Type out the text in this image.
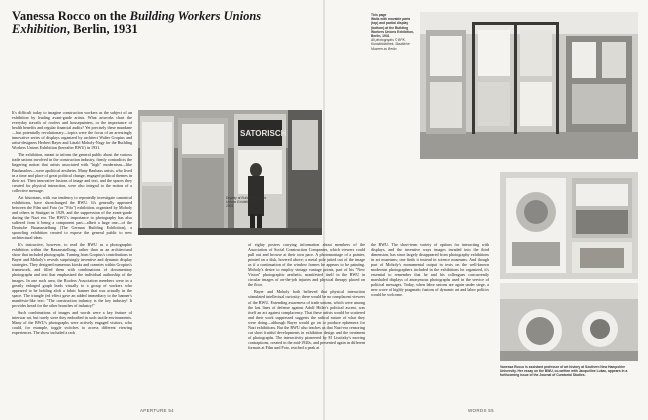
Vanessa Rocco on the Building Workers Unions Exhibition, Berlin, 1931

It's difficult today to imagine construction workers as the subject of an exhibition by leading avant-garde artists. What artworks chart the everyday travails of roofers and housepainters, or the importance of health benefits and regular financial audits? Yet precisely these mundane—but potentially revolutionary—topics were the focus of an arrestingly innovative series of displays organized by architect Walter Gropius and artist-designers Herbert Bayer and László Moholy-Nagy for the Building Workers Unions Exhibition (hereafter BWU) in 1931.

The exhibition, meant to inform the general public about the various trade unions involved in the construction industry, firmly contradicts the lingering notion that artists associated with "high" modernism—like Bauhauslers—were apolitical aesthetes. Many Bauhaus artists, who lived in a time and place of great political change, engaged political themes in their art. Their innovative fusions of image and text, and the spaces they created for physical interaction, were also integral to the notion of a collective message.

Art historians, with our tendency to repeatedly investigate canonical exhibitions, have shortchanged the BWU. It's generally appeared between the Film und Foto (or "Fifo") exhibition, organized by Moholy and others in Stuttgart in 1929, and the suppression of the avant-garde during the Nazi era. The BWU's importance to photography has also suffered from it being a component part—albeit a large one—of the Deutsche Bauausstellung (The German Building Exhibition), a sprawling exhibition created to expose the general public to new architectural ideas.

It's instructive, however, to read the BWU as a photographic exhibition within the Bauausstellung, rather than as an architectural show that included photographs. Turning from Gropius's contributions to Bayer and Moholy's reveals surprisingly inventive and dynamic display strategies. They designed numerous kiosks and crannies within Gropius's framework, and filled them with combinations of documentary photographs and text that emphasized the individual authorship of the images. In one such area, the Roofers Association members were in a greatly enlarged graph leads visually to a group of workers who appeared to be holding aloft a fabric banner that was actually in the space. The triangle (ed effect gave an added immediacy to the banner's manifesto-like text: "The construction industry is the key industry! It provides bread for the other branches of industry!"

Such combinations of images and words were a key feature of interwar art, but rarely were they embodied in such tactile environments. Many of the BWU's photographs were actively engaged visitors, who could, for example, toggle switches to access different viewing experiences. The show included a rack

SATORISCH
Display at Building Workers Unions Exhibition, Berlin, 1931
This page
Walls with movable parts (top) and partial display (bottom) at the Building Workers Unions Exhibition, Berlin, 1931
All photographs © BPK, Kunstbibliothek, Staatliche Museen zu Berlin
Vanessa Rocco is assistant professor of art history at Southern New Hampshire University. Her essay on the BWU, co-written with Jacqueline Lukac, appears in a forthcoming issue of the Journal of Curatorial Studies.

of eighty posters carrying information about members of the Association of Social Construction Companies, which viewers could pull out and browse at their own pace. A photomontage of a painter, printed on a disk, hovered above; a metal pole jutted out of the image as if a continuation of the window frames he appears to be painting. Moholy's desire to employ vintage vantage points, part of his "New Vision" photographic aesthetic, manifested itself in the BWU in circular images of on-the-job injuries and physical therapy placed on the floor.

Bayer and Moholy both believed that physical interaction stimulated intellectual curiosity; there would be no complacent viewers of the BWU. Extending awareness of trade unions, which were among the last lines of defense against Adolf Hitler's political ascent, was itself an act against complacency. That these artists would be scattered and their work suppressed suggests the radical nature of what they were doing—although Bayer would go on to produce ephemera for Nazi exhibitions. But the BWU also teaches us that Nazi-era censoring cut short fruitful developments in exhibition design and the treatment of photographs. The interactivity pioneered by El Lissitzky's moving contraptions, created in the mid-1920s, and presented again in different formats at Film und Foto, reached a peak at

the BWU. The short-term variety of options for interacting with displays, and the inventive ways images invaded into the third dimension, has since largely disappeared from photography exhibitions in art museums; one finds it instead in science museums. And though part of Moholy's monumental output in texts on the well-known modernist photographers included in the exhibitions he organized, it's essential to remember that he and his colleagues concurrently marshaled displays of anonymous photographs used in the service of political messages. Today, when labor unions are again under siege, a new wave of highly pragmatic fusions of dynamic art and labor politics would be welcome.

APERTURE 54	WORDS 55
